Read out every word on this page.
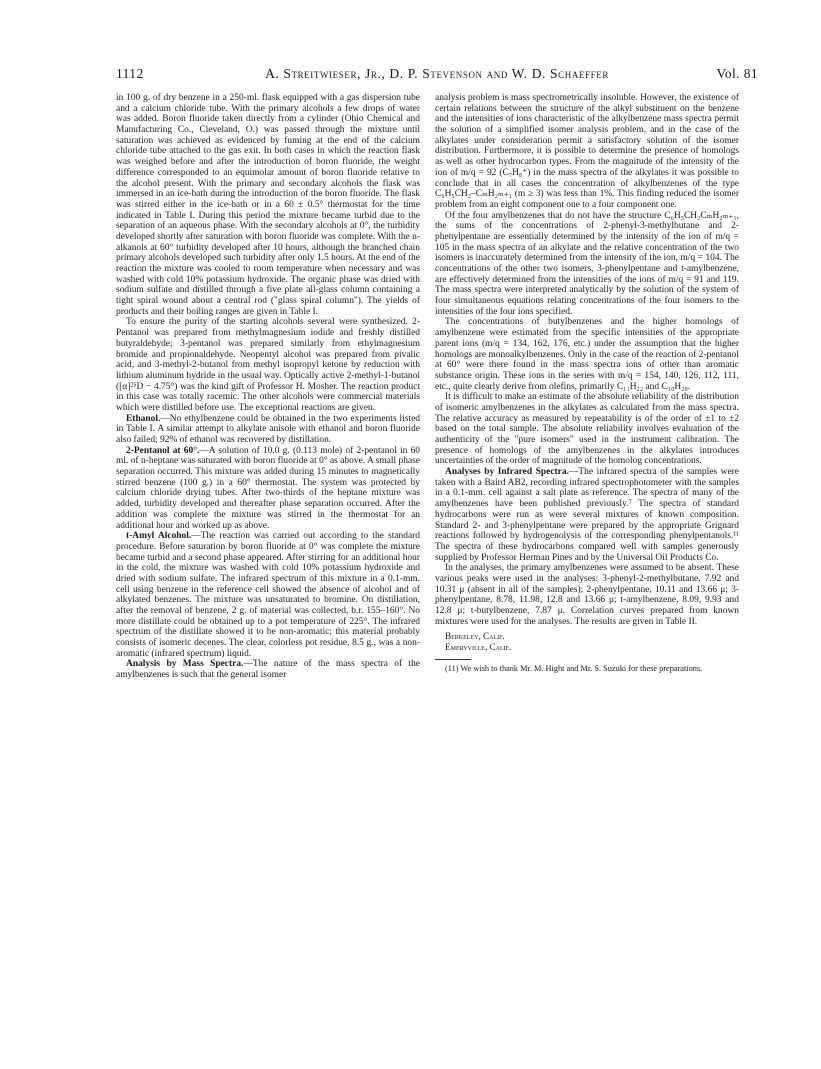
1112	A. Streitwieser, Jr., D. P. Stevenson and W. D. Schaeffer	Vol. 81

in 100 g. of dry benzene in a 250-ml. flask equipped with a gas dispersion tube and a calcium chloride tube. With the primary alcohols a few drops of water was added. Boron fluoride taken directly from a cylinder (Ohio Chemical and Manufacturing Co., Cleveland, O.) was passed through the mixture until saturation was achieved as evidenced by fuming at the end of the calcium chloride tube attached to the gas exit. In both cases in which the reaction flask was weighed before and after the introduction of boron fluoride, the weight difference corresponded to an equimolar amount of boron fluoride relative to the alcohol present. With the primary and secondary alcohols the flask was immersed in an ice-bath during the introduction of the boron fluoride. The flask was stirred either in the ice-bath or in a 60 ± 0.5° thermostat for the time indicated in Table I. During this period the mixture became turbid due to the separation of an aqueous phase. With the secondary alcohols at 0°, the turbidity developed shortly after saturation with boron fluoride was complete. With the n-alkanols at 60° turbidity developed after 10 hours, although the branched chain primary alcohols developed such turbidity after only 1.5 hours. At the end of the reaction the mixture was cooled to room temperature when necessary and was washed with cold 10% potassium hydroxide. The organic phase was dried with sodium sulfate and distilled through a five plate all-glass column containing a tight spiral wound about a central rod ("glass spiral column"). The yields of products and their boiling ranges are given in Table I.

To ensure the purity of the starting alcohols several were synthesized. 2-Pentanol was prepared from methylmagnesium iodide and freshly distilled butyraldehyde; 3-pentanol was prepared similarly from ethylmagnesium bromide and propionaldehyde. Neopentyl alcohol was prepared from pivalic acid, and 3-methyl-2-butanol from methyl isopropyl ketone by reduction with lithium aluminum hydride in the usual way. Optically active 2-methyl-1-butanol ([α]²⁵D − 4.75°) was the kind gift of Professor H. Mosher. The reaction product in this case was totally racemic. The other alcohols were commercial materials which were distilled before use. The exceptional reactions are given.

Ethanol.—No ethylbenzene could be obtained in the two experiments listed in Table I. A similar attempt to alkylate anisole with ethanol and boron fluoride also failed; 92% of ethanol was recovered by distillation.

2-Pentanol at 60°.—A solution of 10.0 g. (0.113 mole) of 2-pentanol in 60 ml. of n-heptane was saturated with boron fluoride at 0° as above. A small phase separation occurred. This mixture was added during 15 minutes to magnetically stirred benzene (100 g.) in a 60° thermostat. The system was protected by calcium chloride drying tubes. After two-thirds of the heptane mixture was added, turbidity developed and thereafter phase separation occurred. After the addition was complete the mixture was stirred in the thermostat for an additional hour and worked up as above.

t-Amyl Alcohol.—The reaction was carried out according to the standard procedure. Before saturation by boron fluoride at 0° was complete the mixture became turbid and a second phase appeared. After stirring for an additional hour in the cold, the mixture was washed with cold 10% potassium hydroxide and dried with sodium sulfate. The infrared spectrum of this mixture in a 0.1-mm. cell using benzene in the reference cell showed the absence of alcohol and of alkylated benzenes. The mixture was unsaturated to bromine. On distillation, after the removal of benzene, 2 g. of material was collected, b.r. 155–160°. No more distillate could be obtained up to a pot temperature of 225°. The infrared spectrum of the distillate showed it to be non-aromatic; this material probably consists of isomeric decenes. The clear, colorless pot residue, 8.5 g., was a non-aromatic (infrared spectrum) liquid.

Analysis by Mass Spectra.—The nature of the mass spectra of the amylbenzenes is such that the general isomer

analysis problem is mass spectrometrically insoluble. However, the existence of certain relations between the structure of the alkyl substituent on the benzene and the intensities of ions characteristic of the alkylbenzene mass spectra permit the solution of a simplified isomer analysis problem, and in the case of the alkylates under consideration permit a satisfactory solution of the isomer distribution. Furthermore, it is possible to determine the presence of homologs as well as other hydrocarbon types. From the magnitude of the intensity of the ion of m/q = 92 (C₇H₈⁺) in the mass spectra of the alkylates it was possible to conclude that in all cases the concentration of alkylbenzenes of the type C₆H₅CH₂–CₘH₂ₘ₊₁ (m ≥ 3) was less than 1%. This finding reduced the isomer problem from an eight component one to a four component one.

Of the four amylbenzenes that do not have the structure C₆H₅CH₂CₘH₂ₘ₊₁, the sums of the concentrations of 2-phenyl-3-methylbutane and 2-phenylpentane are essentially determined by the intensity of the ion of m/q = 105 in the mass spectra of an alkylate and the relative concentration of the two isomers is inaccurately determined from the intensity of the ion, m/q = 104. The concentrations of the other two isomers, 3-phenylpentane and t-amylbenzene, are effectively determined from the intensities of the ions of m/q = 91 and 119. The mass spectra were interpreted analytically by the solution of the system of four simultaneous equations relating concentrations of the four isomers to the intensities of the four ions specified.

The concentrations of butylbenzenes and the higher homologs of amylbenzene were estimated from the specific intensities of the appropriate parent ions (m/q = 134, 162, 176, etc.) under the assumption that the higher homologs are monoalkylbenzenes. Only in the case of the reaction of 2-pentanol at 60° were there found in the mass spectra ions of other than aromatic substance origin. These ions in the series with m/q = 154, 140, 126, 112, 111, etc., quite clearly derive from olefins, primarily C₁₁H₂₂ and C₁₀H₂₀.

It is difficult to make an estimate of the absolute reliability of the distribution of isomeric amylbenzenes in the alkylates as calculated from the mass spectra. The relative accuracy as measured by repeatability is of the order of ±1 to ±2 based on the total sample. The absolute reliability involves evaluation of the authenticity of the "pure isomers" used in the instrument calibration. The presence of homologs of the amylbenzenes in the alkylates introduces uncertainties of the order of magnitude of the homolog concentrations.

Analyses by Infrared Spectra.—The infrared spectra of the samples were taken with a Baird AB2, recording infrared spectrophotometer with the samples in a 0.1-mm. cell against a salt plate as reference. The spectra of many of the amylbenzenes have been published previously.⁷ The spectra of standard hydrocarbons were run as were several mixtures of known composition. Standard 2- and 3-phenylpentane were prepared by the appropriate Grignard reactions followed by hydrogenolysis of the corresponding phenylpentanols.¹¹ The spectra of these hydrocarbons compared well with samples generously supplied by Professor Herman Pines and by the Universal Oil Products Co.

In the analyses, the primary amylbenzenes were assumed to be absent. These various peaks were used in the analyses: 3-phenyl-2-methylbutane, 7.92 and 10.31 μ (absent in all of the samples); 2-phenylpentane, 10.11 and 13.66 μ; 3-phenylpentane, 8.78, 11.98, 12.8 and 13.66 μ; t-amylbenzene, 8.09, 9.93 and 12.8 μ; t-butylbenzene, 7.87 μ. Correlation curves prepared from known mixtures were used for the analyses. The results are given in Table II.

Berkeley, Calif.

Emeryville, Calif.

(11) We wish to thank Mr. M. Hight and Mr. S. Suzuki for these preparations.
